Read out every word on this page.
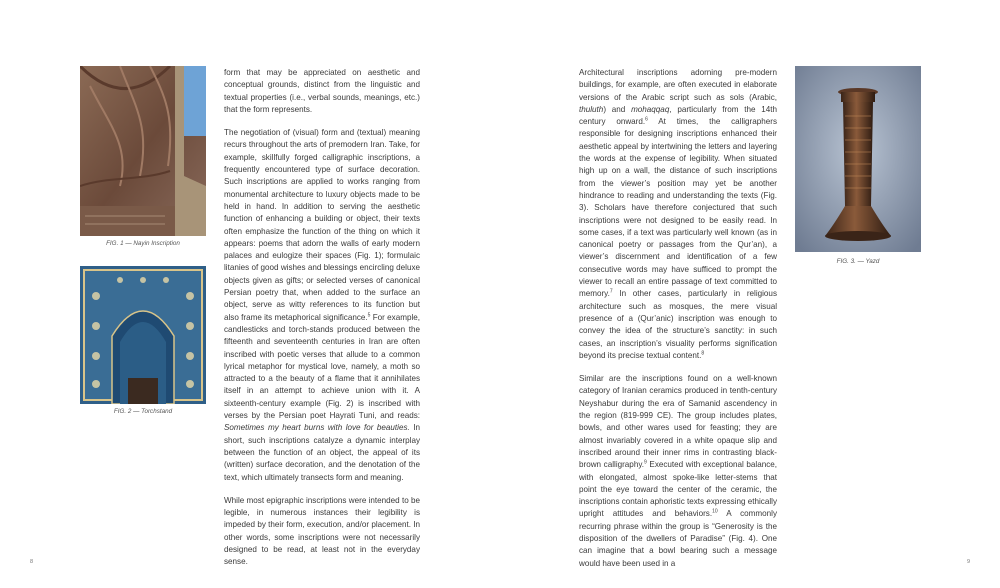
FIG. 1 — Nayin Inscription
FIG. 2 — Torchstand

form that may be appreciated on aesthetic and conceptual grounds, distinct from the linguistic and textual properties (i.e., verbal sounds, meanings, etc.) that the form represents.

The negotiation of (visual) form and (textual) meaning recurs throughout the arts of premodern Iran. Take, for example, skillfully forged calligraphic inscriptions, a frequently encountered type of surface decoration. Such inscriptions are applied to works ranging from monumental architecture to luxury objects made to be held in hand. In addition to serving the aesthetic function of enhancing a building or object, their texts often emphasize the function of the thing on which it appears: poems that adorn the walls of early modern palaces and eulogize their spaces (Fig. 1); formulaic litanies of good wishes and blessings encircling deluxe objects given as gifts; or selected verses of canonical Persian poetry that, when added to the surface an object, serve as witty references to its function but also frame its metaphorical significance.$^5$ For example, candlesticks and torch-stands produced between the fifteenth and seventeenth centuries in Iran are often inscribed with poetic verses that allude to a common lyrical metaphor for mystical love, namely, a moth so attracted to a the beauty of a flame that it annihilates itself in an attempt to achieve union with it. A sixteenth-century example (Fig. 2) is inscribed with verses by the Persian poet Hayrati Tuni, and reads: Sometimes my heart burns with love for beauties. In short, such inscriptions catalyze a dynamic interplay between the function of an object, the appeal of its (written) surface decoration, and the denotation of the text, which ultimately transects form and meaning.

While most epigraphic inscriptions were intended to be legible, in numerous instances their legibility is impeded by their form, execution, and/or placement. In other words, some inscriptions were not necessarily designed to be read, at least not in the everyday sense.

8

Architectural inscriptions adorning pre-modern buildings, for example, are often executed in elaborate versions of the Arabic script such as sols (Arabic, thuluth) and mohaqqaq, particularly from the 14th century onward.$^6$ At times, the calligraphers responsible for designing inscriptions enhanced their aesthetic appeal by intertwining the letters and layering the words at the expense of legibility. When situated high up on a wall, the distance of such inscriptions from the viewer’s position may yet be another hindrance to reading and understanding the texts (Fig. 3). Scholars have therefore conjectured that such inscriptions were not designed to be easily read. In some cases, if a text was particularly well known (as in canonical poetry or passages from the Qur’an), a viewer’s discernment and identification of a few consecutive words may have sufficed to prompt the viewer to recall an entire passage of text committed to memory.$^7$ In other cases, particularly in religious architecture such as mosques, the mere visual presence of a (Qur’anic) inscription was enough to convey the idea of the structure’s sanctity: in such cases, an inscription’s visuality performs signification beyond its precise textual content.$^8$

Similar are the inscriptions found on a well-known category of Iranian ceramics produced in tenth-century Neyshabur during the era of Samanid ascendency in the region (819-999 CE). The group includes plates, bowls, and other wares used for feasting; they are almost invariably covered in a white opaque slip and inscribed around their inner rims in contrasting black-brown calligraphy.$^9$ Executed with exceptional balance, with elongated, almost spoke-like letter-stems that point the eye toward the center of the ceramic, the inscriptions contain aphoristic texts expressing ethically upright attitudes and behaviors.$^{10}$ A commonly recurring phrase within the group is “Generosity is the disposition of the dwellers of Paradise” (Fig. 4). One can imagine that a bowl bearing such a message would have been used in a

FIG. 3. — Yazd
9
